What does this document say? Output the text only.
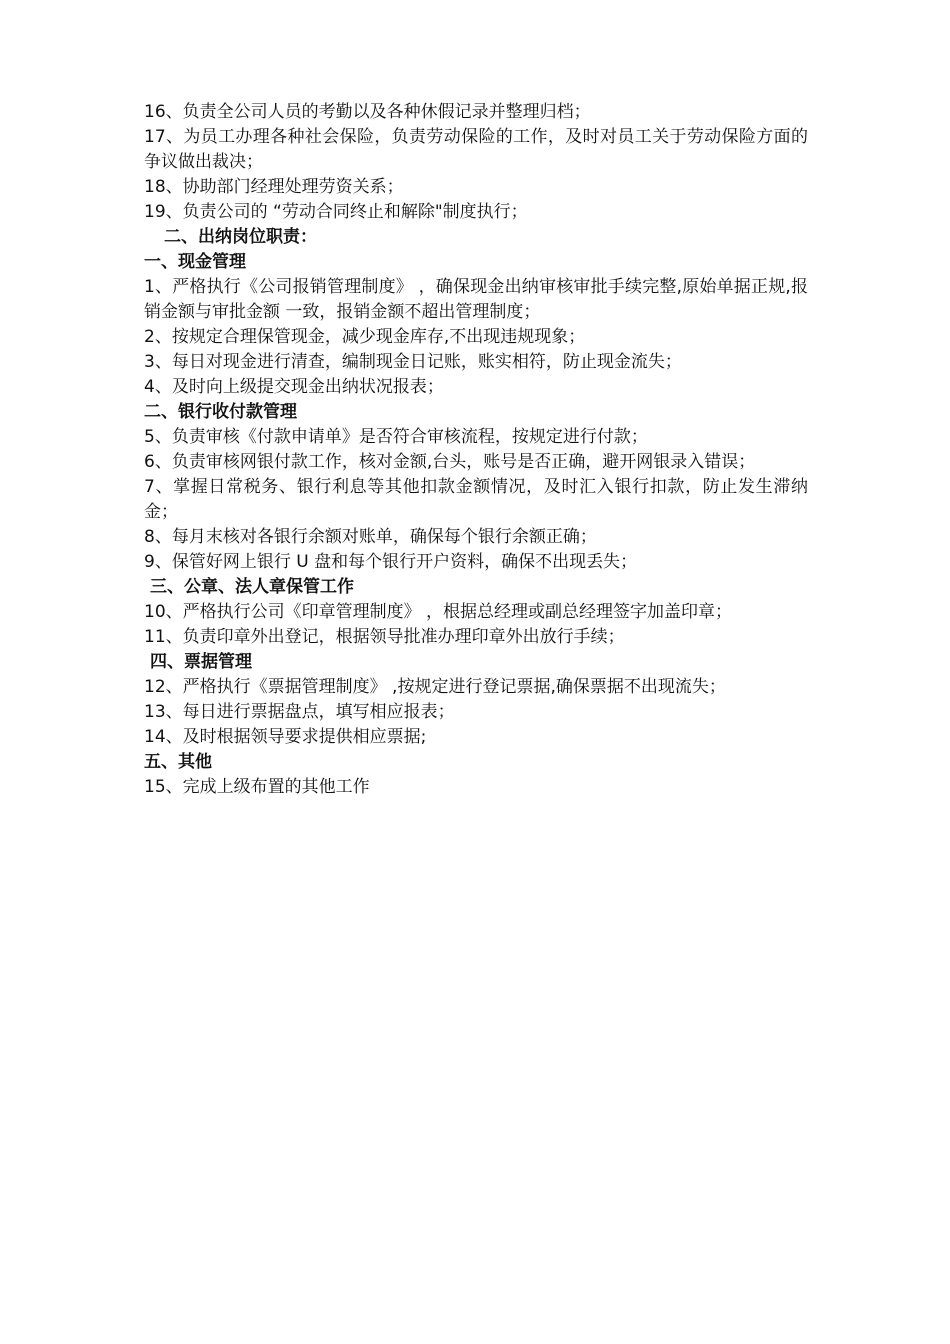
16、负责全公司人员的考勤以及各种休假记录并整理归档；

17、为员工办理各种社会保险，负责劳动保险的工作，及时对员工关于劳动保险方面的争议做出裁决；

18、协助部门经理处理劳资关系；

19、负责公司的 “劳动合同终止和解除"制度执行；

二、出纳岗位职责：

一、现金管理

1、严格执行《公司报销管理制度》 ，确保现金出纳审核审批手续完整,原始单据正规,报销金额与审批金额 一致，报销金额不超出管理制度；

2、按规定合理保管现金，减少现金库存,不出现违规现象；

3、每日对现金进行清查，编制现金日记账，账实相符，防止现金流失；

4、及时向上级提交现金出纳状况报表；

二、银行收付款管理

5、负责审核《付款申请单》是否符合审核流程，按规定进行付款；

6、负责审核网银付款工作，核对金额,台头，账号是否正确，避开网银录入错误；

7、掌握日常税务、银行利息等其他扣款金额情况，及时汇入银行扣款，防止发生滞纳金；

8、每月末核对各银行余额对账单，确保每个银行余额正确；

9、保管好网上银行 U 盘和每个银行开户资料，确保不出现丢失；

三、公章、法人章保管工作

10、严格执行公司《印章管理制度》 ，根据总经理或副总经理签字加盖印章；

11、负责印章外出登记，根据领导批准办理印章外出放行手续；

四、票据管理

12、严格执行《票据管理制度》 ,按规定进行登记票据,确保票据不出现流失；

13、每日进行票据盘点，填写相应报表；

14、及时根据领导要求提供相应票据;

五、其他

15、完成上级布置的其他工作
